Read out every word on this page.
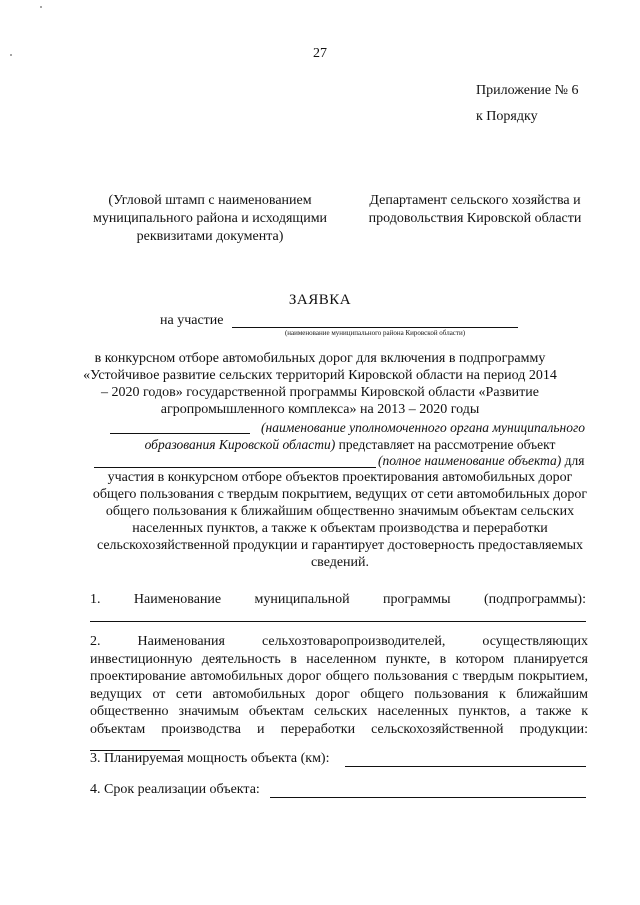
27
Приложение № 6
к Порядку
(Угловой штамп с наименованием муниципального района и исходящими реквизитами документа)
Департамент сельского хозяйства и продовольствия Кировской области
ЗАЯВКА
на участие
(наименование муниципального района Кировской области)
в конкурсном отборе автомобильных дорог для включения в подпрограмму «Устойчивое развитие сельских территорий Кировской области на период 2014 – 2020 годов» государственной программы Кировской области «Развитие агропромышленного комплекса» на 2013 – 2020 годы
(наименование уполномоченного органа муниципального образования Кировской области) представляет на рассмотрение объект
(полное наименование объекта) для
участия в конкурсном отборе объектов проектирования автомобильных дорог общего пользования с твердым покрытием, ведущих от сети автомобильных дорог общего пользования к ближайшим общественно значимым объектам сельских населенных пунктов, а также к объектам производства и переработки сельскохозяйственной продукции и гарантирует достоверность предоставляемых сведений.
1. Наименование муниципальной программы (подпрограммы):
2. Наименования сельхозтоваропроизводителей, осуществляющих инвестиционную деятельность в населенном пункте, в котором планируется проектирование автомобильных дорог общего пользования с твердым покрытием, ведущих от сети автомобильных дорог общего пользования к ближайшим общественно значимым объектам сельских населенных пунктов, а также к объектам производства и переработки сельскохозяйственной продукции:
3. Планируемая мощность объекта (км):
4. Срок реализации объекта:
